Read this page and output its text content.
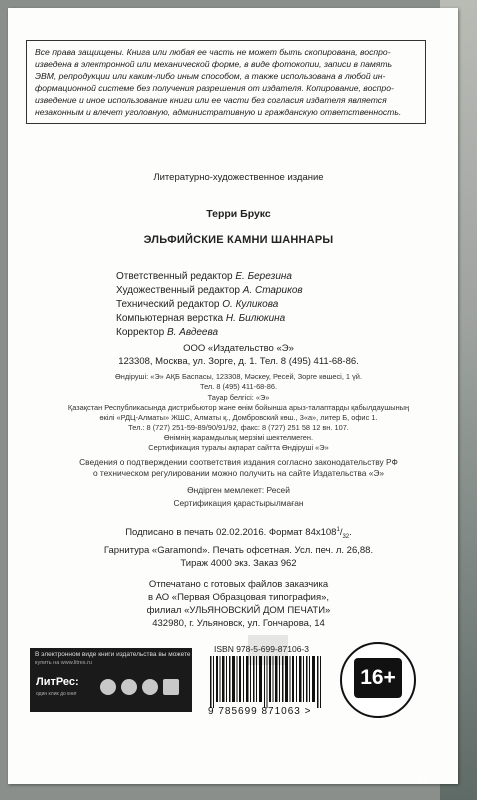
Все права защищены. Книга или любая ее часть не может быть скопирована, воспро-
изведена в электронной или механической форме, в виде фотокопии, записи в память
ЭВМ, репродукции или каким-либо иным способом, а также использована в любой ин-
формационной системе без получения разрешения от издателя. Копирование, воспро-
изведение и иное использование книги или ее части без согласия издателя является
незаконным и влечет уголовную, административную и гражданскую ответственность.
Литературно-художественное издание
Терри Брукс
ЭЛЬФИЙСКИЕ КАМНИ ШАННАРЫ
Ответственный редактор Е. Березина
Художественный редактор А. Стариков
Технический редактор О. Куликова
Компьютерная верстка Н. Билюкина
Корректор В. Авдеева
ООО «Издательство «Э»
123308, Москва, ул. Зорге, д. 1. Тел. 8 (495) 411-68-86.
Өндіруші: «Э» АҚБ Баспасы, 123308, Мәскеу, Ресей, Зорге көшесі, 1 үй.
Тел. 8 (495) 411-68-86.
Тауар белгісі: «Э»
Қазақстан Республикасында дистрибьютор және өнім бойынша арыз-талаптарды қабылдаушының
өкілі «РДЦ-Алматы» ЖШС, Алматы қ., Домбровский көш., 3«а», литер Б, офис 1.
Тел.: 8 (727) 251-59-89/90/91/92, факс: 8 (727) 251 58 12 вн. 107.
Өнімнің жарамдылық мерзімі шектелмеген.
Сертификация туралы ақпарат сайтта Өндіруші «Э»
Сведения о подтверждении соответствия издания согласно законодательству РФ
о техническом регулировании можно получить на сайте Издательства «Э»
Өндірген мемлекет: Ресей
Сертификация қарастырылмаған
Подписано в печать 02.02.2016. Формат $84x108^1/_{32}$.
Гарнитура «Garamond». Печать офсетная. Усл. печ. л. 26,88.
Тираж 4000 экз. Заказ 962
Отпечатано с готовых файлов заказчика
в АО «Первая Образцовая типография»,
филиал «УЛЬЯНОВСКИЙ ДОМ ПЕЧАТИ»
432980, г. Ульяновск, ул. Гончарова, 14
В электронном виде книги издательства вы можете
купить на www.litres.ru
ЛитРес:
один клик до книг
ISBN 978-5-699-87106-3
9 785699 871063 >
16+
Л
